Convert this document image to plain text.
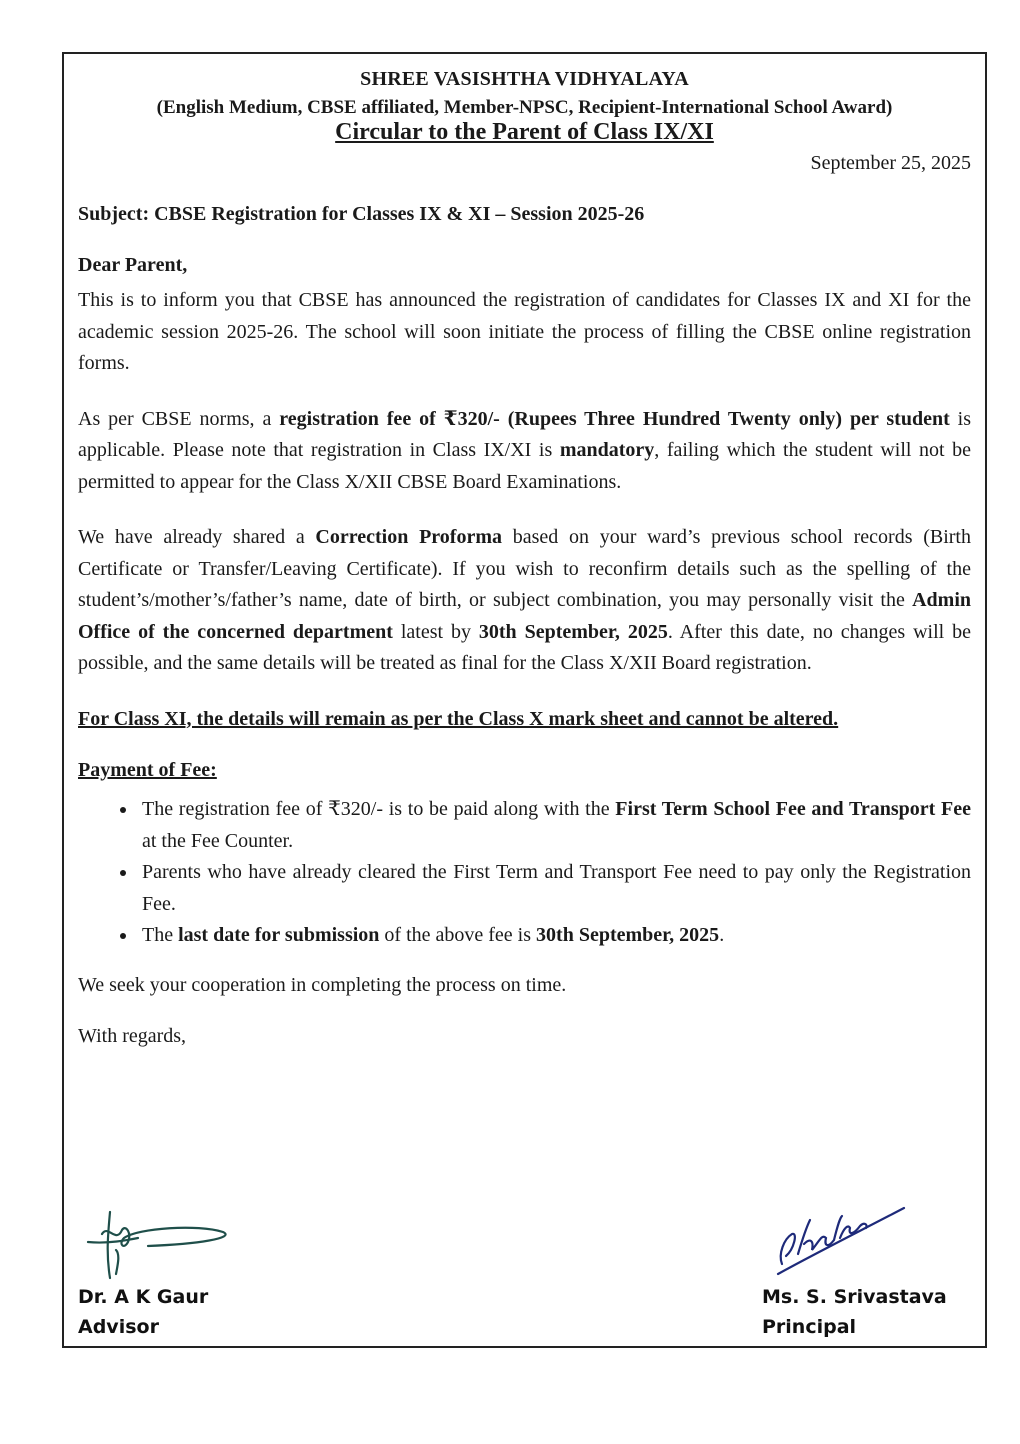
SHREE VASISHTHA VIDHYALAYA
(English Medium, CBSE affiliated, Member-NPSC, Recipient-International School Award)
Circular to the Parent of Class IX/XI
September 25, 2025
Subject: CBSE Registration for Classes IX & XI – Session 2025-26
Dear Parent,

This is to inform you that CBSE has announced the registration of candidates for Classes IX and XI for the academic session 2025-26. The school will soon initiate the process of filling the CBSE online registration forms.

As per CBSE norms, a registration fee of ₹320/- (Rupees Three Hundred Twenty only) per student is applicable. Please note that registration in Class IX/XI is mandatory, failing which the student will not be permitted to appear for the Class X/XII CBSE Board Examinations.

We have already shared a Correction Proforma based on your ward’s previous school records (Birth Certificate or Transfer/Leaving Certificate). If you wish to reconfirm details such as the spelling of the student’s/mother’s/father’s name, date of birth, or subject combination, you may personally visit the Admin Office of the concerned department latest by 30th September, 2025. After this date, no changes will be possible, and the same details will be treated as final for the Class X/XII Board registration.

For Class XI, the details will remain as per the Class X mark sheet and cannot be altered.

Payment of Fee:
• The registration fee of ₹320/- is to be paid along with the First Term School Fee and Transport Fee at the Fee Counter.
• Parents who have already cleared the First Term and Transport Fee need to pay only the Registration Fee.
• The last date for submission of the above fee is 30th September, 2025.

We seek your cooperation in completing the process on time.

With regards,

Dr. A K Gaur
Advisor
Ms. S. Srivastava
Principal
